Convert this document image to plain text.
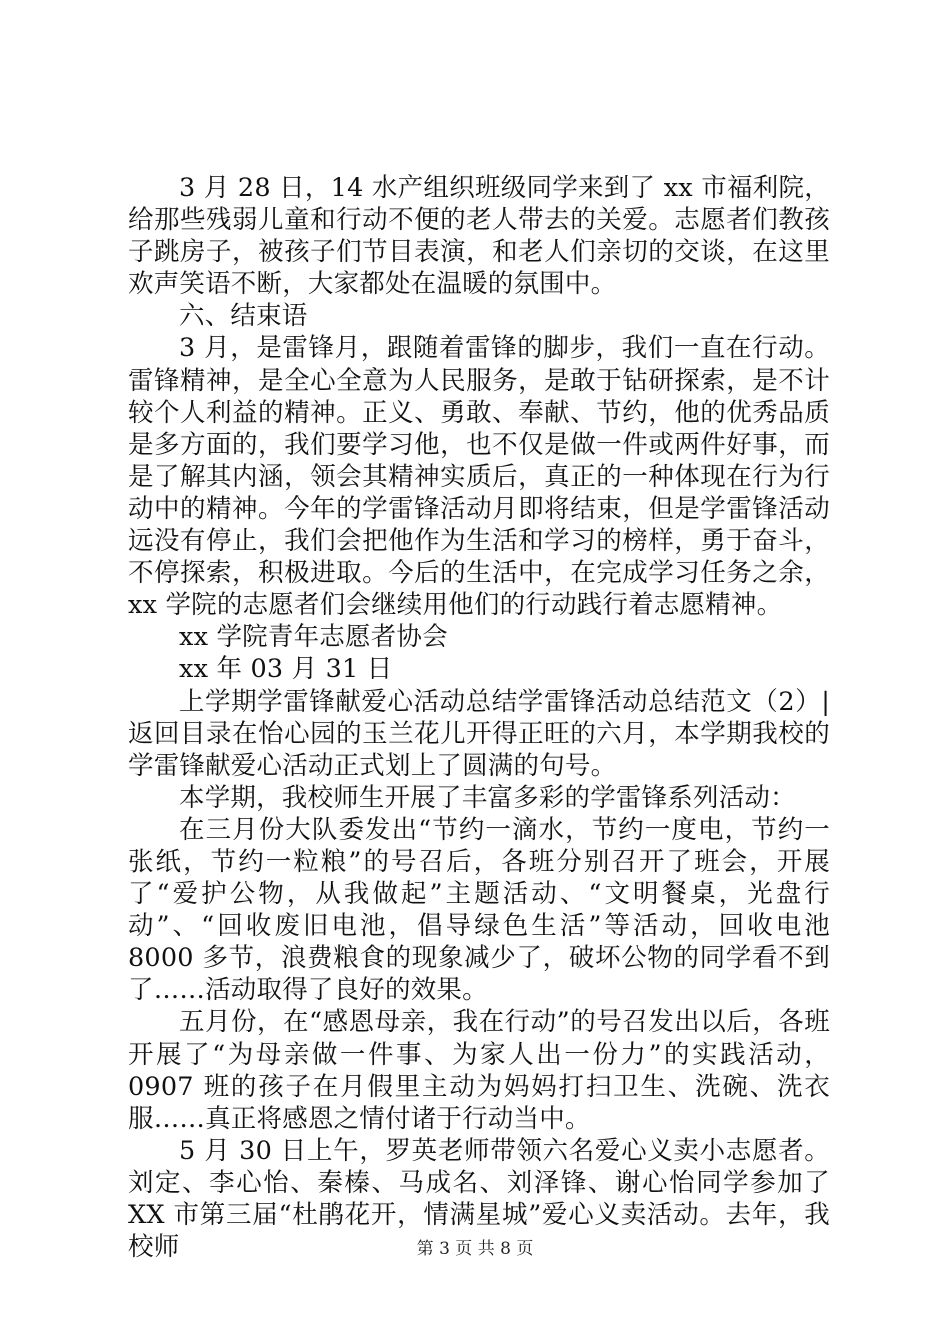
3 月 28 日，14 水产组织班级同学来到了 xx 市福利院，给那些残弱儿童和行动不便的老人带去的关爱。志愿者们教孩子跳房子，被孩子们节目表演，和老人们亲切的交谈，在这里欢声笑语不断，大家都处在温暖的氛围中。

六、结束语

3 月，是雷锋月，跟随着雷锋的脚步，我们一直在行动。雷锋精神，是全心全意为人民服务，是敢于钻研探索，是不计较个人利益的精神。正义、勇敢、奉献、节约，他的优秀品质是多方面的，我们要学习他，也不仅是做一件或两件好事，而是了解其内涵，领会其精神实质后，真正的一种体现在行为行动中的精神。今年的学雷锋活动月即将结束，但是学雷锋活动远没有停止，我们会把他作为生活和学习的榜样，勇于奋斗，不停探索，积极进取。今后的生活中，在完成学习任务之余，xx 学院的志愿者们会继续用他们的行动践行着志愿精神。

xx 学院青年志愿者协会

xx 年 03 月 31 日

上学期学雷锋献爱心活动总结学雷锋活动总结范文（2）|返回目录在怡心园的玉兰花儿开得正旺的六月，本学期我校的学雷锋献爱心活动正式划上了圆满的句号。

本学期，我校师生开展了丰富多彩的学雷锋系列活动：

在三月份大队委发出“节约一滴水，节约一度电，节约一张纸，节约一粒粮”的号召后，各班分别召开了班会，开展了“爱护公物，从我做起”主题活动、“文明餐桌，光盘行动”、“回收废旧电池，倡导绿色生活”等活动，回收电池 8000 多节，浪费粮食的现象减少了，破坏公物的同学看不到了……活动取得了良好的效果。

五月份，在“感恩母亲，我在行动”的号召发出以后，各班开展了“为母亲做一件事、为家人出一份力”的实践活动，0907 班的孩子在月假里主动为妈妈打扫卫生、洗碗、洗衣服……真正将感恩之情付诸于行动当中。

5 月 30 日上午，罗英老师带领六名爱心义卖小志愿者。刘定、李心怡、秦榛、马成名、刘泽锋、谢心怡同学参加了 XX 市第三届“杜鹃花开，情满星城”爱心义卖活动。去年，我校师	第 3 页 共 8 页
